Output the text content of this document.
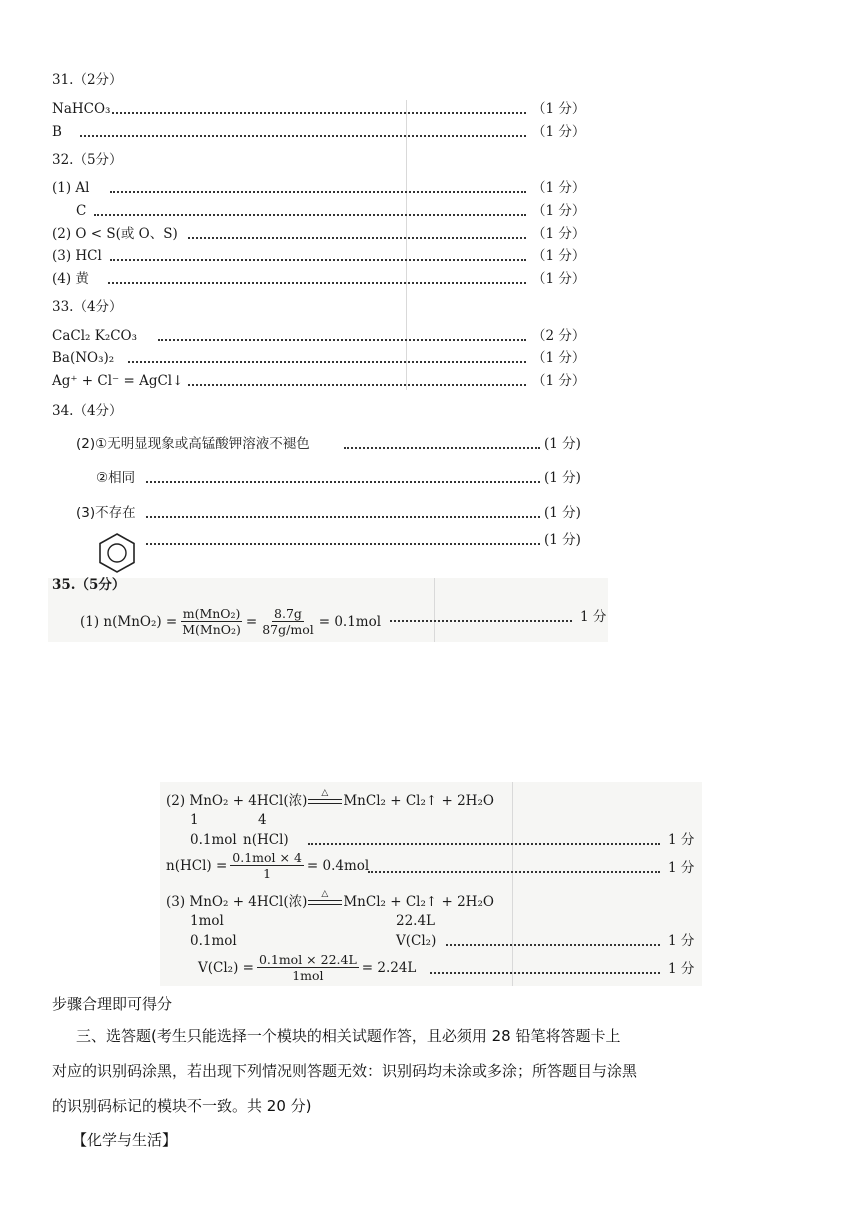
31.（2分）
NaHCO₃	（1 分）
B	（1 分）
32.（5分）
(1) Al	（1 分）
C	（1 分）
(2) O < S(或 O、S)	（1 分）
(3) HCl	（1 分）
(4) 黄	（1 分）
33.（4分）
CaCl₂ K₂CO₃	（2 分）
Ba(NO₃)₂	（1 分）
Ag⁺ + Cl⁻ = AgCl↓	（1 分）
34.（4分）
(2)①无明显现象或高锰酸钾溶液不褪色	(1 分)
②相同	(1 分)
(3)不存在	(1 分)
(1 分)
35.（5分）
(1) $n(MnO_2) = \frac{\text{m(MnO₂)}}{\text{M(MnO₂)}} = \frac{8.7g}{\text{87g/mol}} = 0.1mol$	1 分
(2) MnO₂ + 4HCl(浓) △ MnCl₂ + Cl₂↑ + 2H₂O
1	4
0.1mol n(HCl)	1 分
$n(HCl) = \frac{\text{0.1mol × 4}}{1} = 0.4mol$	1 分
(3) MnO₂ + 4HCl(浓) △ MnCl₂ + Cl₂↑ + 2H₂O
1mol	22.4L
0.1mol	V(Cl₂)	1 分
$V(Cl_2) = \frac{\text{0.1mol × 22.4L}}{\text{1mol}} = 2.24L$	1 分
步骤合理即可得分
三、选答题(考生只能选择一个模块的相关试题作答，且必须用 28 铅笔将答题卡上
对应的识别码涂黑，若出现下列情况则答题无效：识别码均未涂或多涂；所答题目与涂黑
的识别码标记的模块不一致。共 20 分)
【化学与生活】
